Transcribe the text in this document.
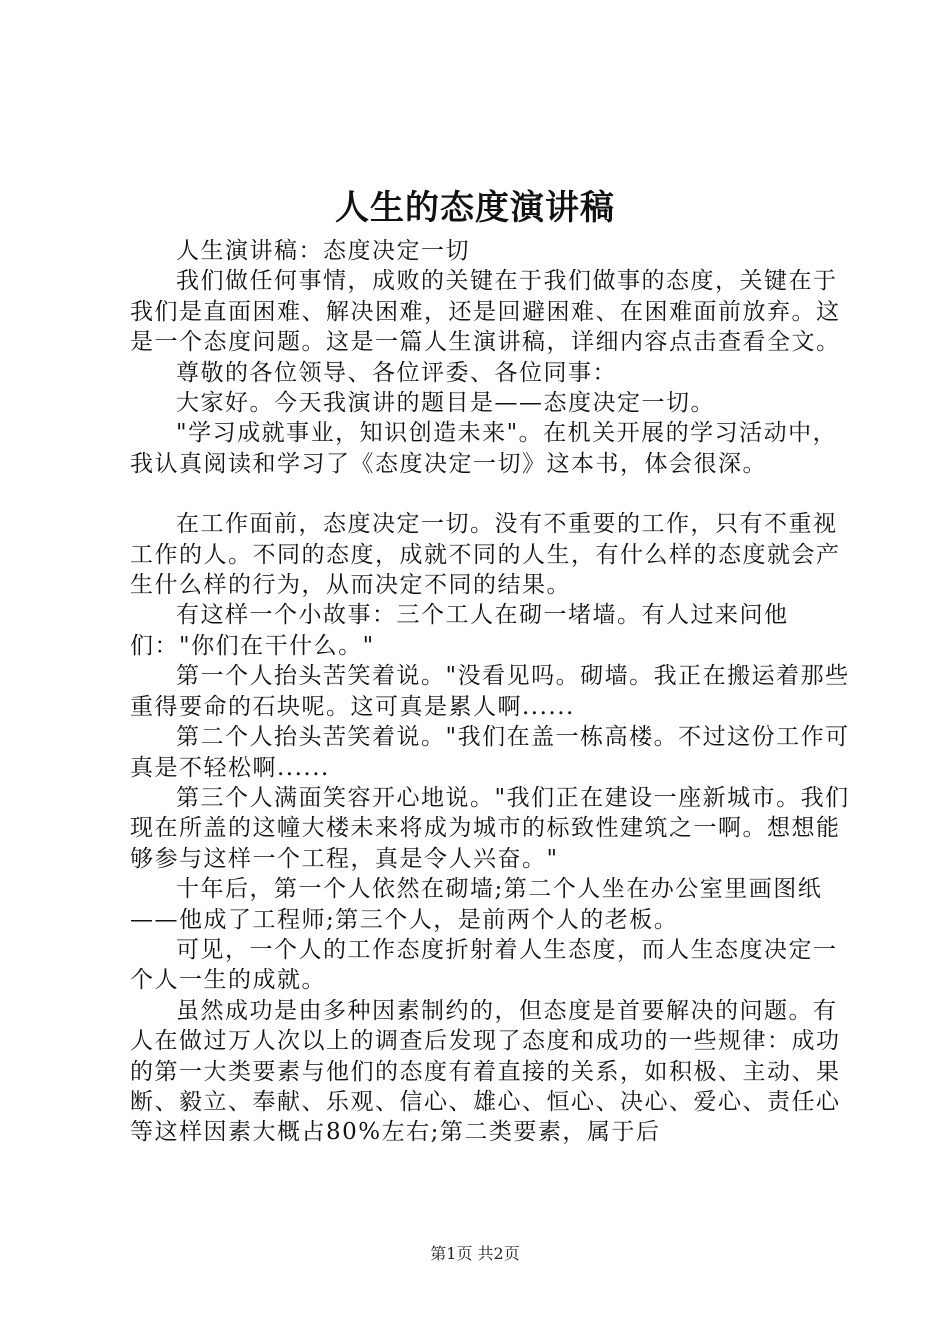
人生的态度演讲稿

人生演讲稿：态度决定一切

我们做任何事情，成败的关键在于我们做事的态度，关键在于我们是直面困难、解决困难，还是回避困难、在困难面前放弃。这是一个态度问题。这是一篇人生演讲稿，详细内容点击查看全文。

尊敬的各位领导、各位评委、各位同事：

大家好。今天我演讲的题目是——态度决定一切。

"学习成就事业，知识创造未来"。在机关开展的学习活动中，我认真阅读和学习了《态度决定一切》这本书，体会很深。

在工作面前，态度决定一切。没有不重要的工作，只有不重视工作的人。不同的态度，成就不同的人生，有什么样的态度就会产生什么样的行为，从而决定不同的结果。

有这样一个小故事：三个工人在砌一堵墙。有人过来问他们："你们在干什么。"

第一个人抬头苦笑着说。"没看见吗。砌墙。我正在搬运着那些重得要命的石块呢。这可真是累人啊......

第二个人抬头苦笑着说。"我们在盖一栋高楼。不过这份工作可真是不轻松啊......

第三个人满面笑容开心地说。"我们正在建设一座新城市。我们现在所盖的这幢大楼未来将成为城市的标致性建筑之一啊。想想能够参与这样一个工程，真是令人兴奋。"

十年后，第一个人依然在砌墙;第二个人坐在办公室里画图纸——他成了工程师;第三个人，是前两个人的老板。

可见，一个人的工作态度折射着人生态度，而人生态度决定一个人一生的成就。

虽然成功是由多种因素制约的，但态度是首要解决的问题。有人在做过万人次以上的调查后发现了态度和成功的一些规律：成功的第一大类要素与他们的态度有着直接的关系，如积极、主动、果断、毅立、奉献、乐观、信心、雄心、恒心、决心、爱心、责任心等这样因素大概占80%左右;第二类要素，属于后

第1页 共2页
